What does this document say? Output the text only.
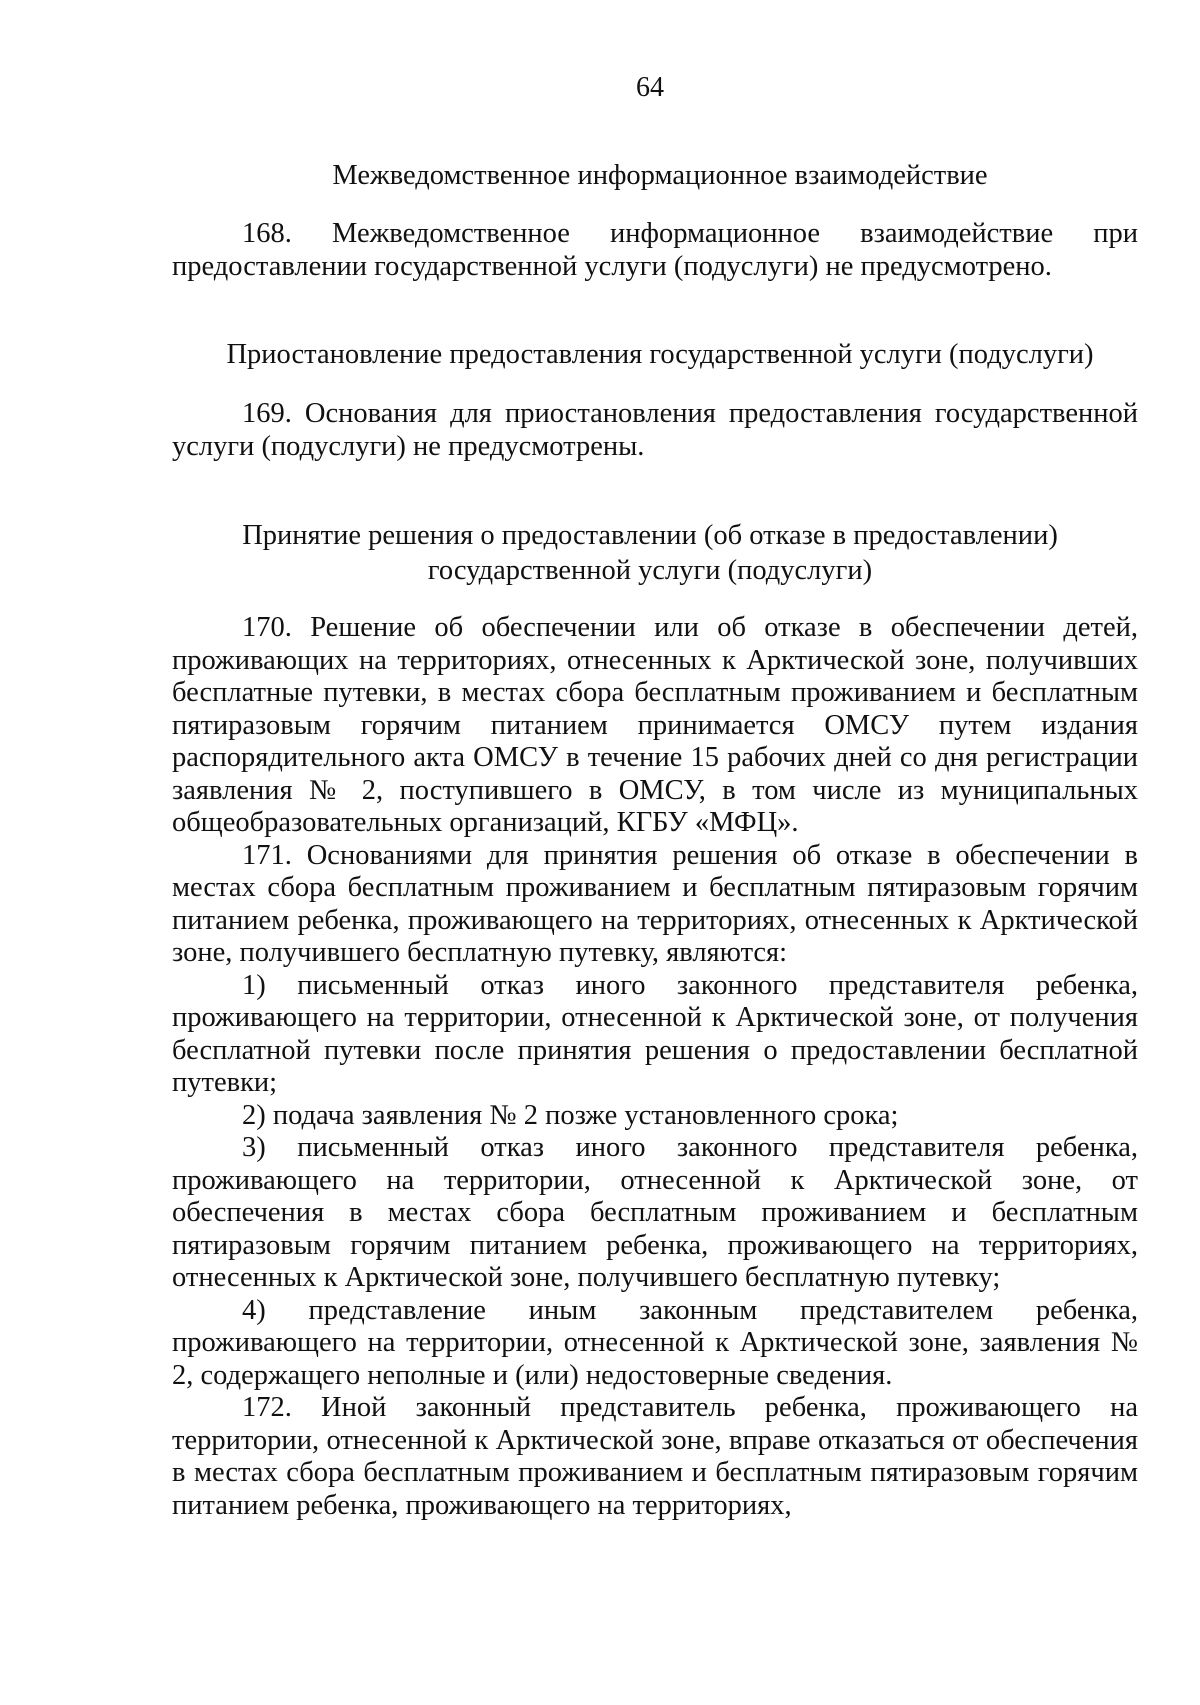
64
Межведомственное информационное взаимодействие

168. Межведомственное информационное взаимодействие при предоставлении государственной услуги (подуслуги) не предусмотрено.

Приостановление предоставления государственной услуги (подуслуги)

169. Основания для приостановления предоставления государственной услуги (подуслуги) не предусмотрены.

Принятие решения о предоставлении (об отказе в предоставлении)
государственной услуги (подуслуги)

170. Решение об обеспечении или об отказе в обеспечении детей, проживающих на территориях, отнесенных к Арктической зоне, получивших бесплатные путевки, в местах сбора бесплатным проживанием и бесплатным пятиразовым горячим питанием принимается ОМСУ путем издания распорядительного акта ОМСУ в течение 15 рабочих дней со дня регистрации заявления № 2, поступившего в ОМСУ, в том числе из муниципальных общеобразовательных организаций, КГБУ «МФЦ».

171. Основаниями для принятия решения об отказе в обеспечении в местах сбора бесплатным проживанием и бесплатным пятиразовым горячим питанием ребенка, проживающего на территориях, отнесенных к Арктической зоне, получившего бесплатную путевку, являются:

1) письменный отказ иного законного представителя ребенка, проживающего на территории, отнесенной к Арктической зоне, от получения бесплатной путевки после принятия решения о предоставлении бесплатной путевки;

2) подача заявления № 2 позже установленного срока;

3) письменный отказ иного законного представителя ребенка, проживающего на территории, отнесенной к Арктической зоне, от обеспечения в местах сбора бесплатным проживанием и бесплатным пятиразовым горячим питанием ребенка, проживающего на территориях, отнесенных к Арктической зоне, получившего бесплатную путевку;

4) представление иным законным представителем ребенка, проживающего на территории, отнесенной к Арктической зоне, заявления № 2, содержащего неполные и (или) недостоверные сведения.

172. Иной законный представитель ребенка, проживающего на территории, отнесенной к Арктической зоне, вправе отказаться от обеспечения в местах сбора бесплатным проживанием и бесплатным пятиразовым горячим питанием ребенка, проживающего на территориях,
